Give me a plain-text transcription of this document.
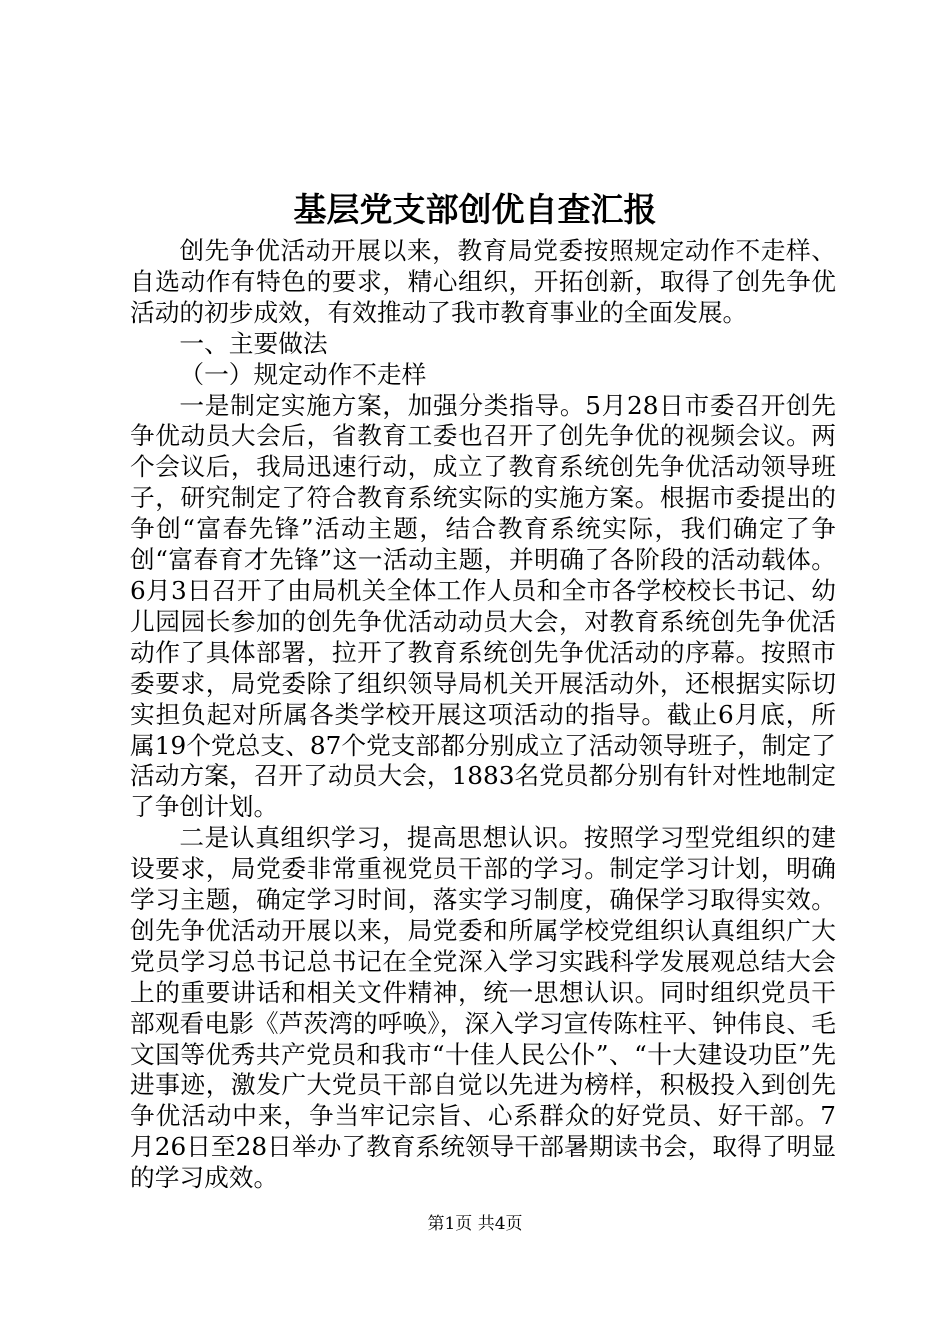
基层党支部创优自查汇报

创先争优活动开展以来，教育局党委按照规定动作不走样、自选动作有特色的要求，精心组织，开拓创新，取得了创先争优活动的初步成效，有效推动了我市教育事业的全面发展。

一、主要做法

（一）规定动作不走样

一是制定实施方案，加强分类指导。5月28日市委召开创先争优动员大会后，省教育工委也召开了创先争优的视频会议。两个会议后，我局迅速行动，成立了教育系统创先争优活动领导班子，研究制定了符合教育系统实际的实施方案。根据市委提出的争创“富春先锋”活动主题，结合教育系统实际，我们确定了争创“富春育才先锋”这一活动主题，并明确了各阶段的活动载体。6月3日召开了由局机关全体工作人员和全市各学校校长书记、幼儿园园长参加的创先争优活动动员大会，对教育系统创先争优活动作了具体部署，拉开了教育系统创先争优活动的序幕。按照市委要求，局党委除了组织领导局机关开展活动外，还根据实际切实担负起对所属各类学校开展这项活动的指导。截止6月底，所属19个党总支、87个党支部都分别成立了活动领导班子，制定了活动方案，召开了动员大会，1883名党员都分别有针对性地制定了争创计划。

二是认真组织学习，提高思想认识。按照学习型党组织的建设要求，局党委非常重视党员干部的学习。制定学习计划，明确学习主题，确定学习时间，落实学习制度，确保学习取得实效。创先争优活动开展以来，局党委和所属学校党组织认真组织广大党员学习总书记总书记在全党深入学习实践科学发展观总结大会上的重要讲话和相关文件精神，统一思想认识。同时组织党员干部观看电影《芦茨湾的呼唤》，深入学习宣传陈柱平、钟伟良、毛文国等优秀共产党员和我市“十佳人民公仆”、“十大建设功臣”先进事迹，激发广大党员干部自觉以先进为榜样，积极投入到创先争优活动中来，争当牢记宗旨、心系群众的好党员、好干部。7月26日至28日举办了教育系统领导干部暑期读书会，取得了明显的学习成效。

第1页 共4页
